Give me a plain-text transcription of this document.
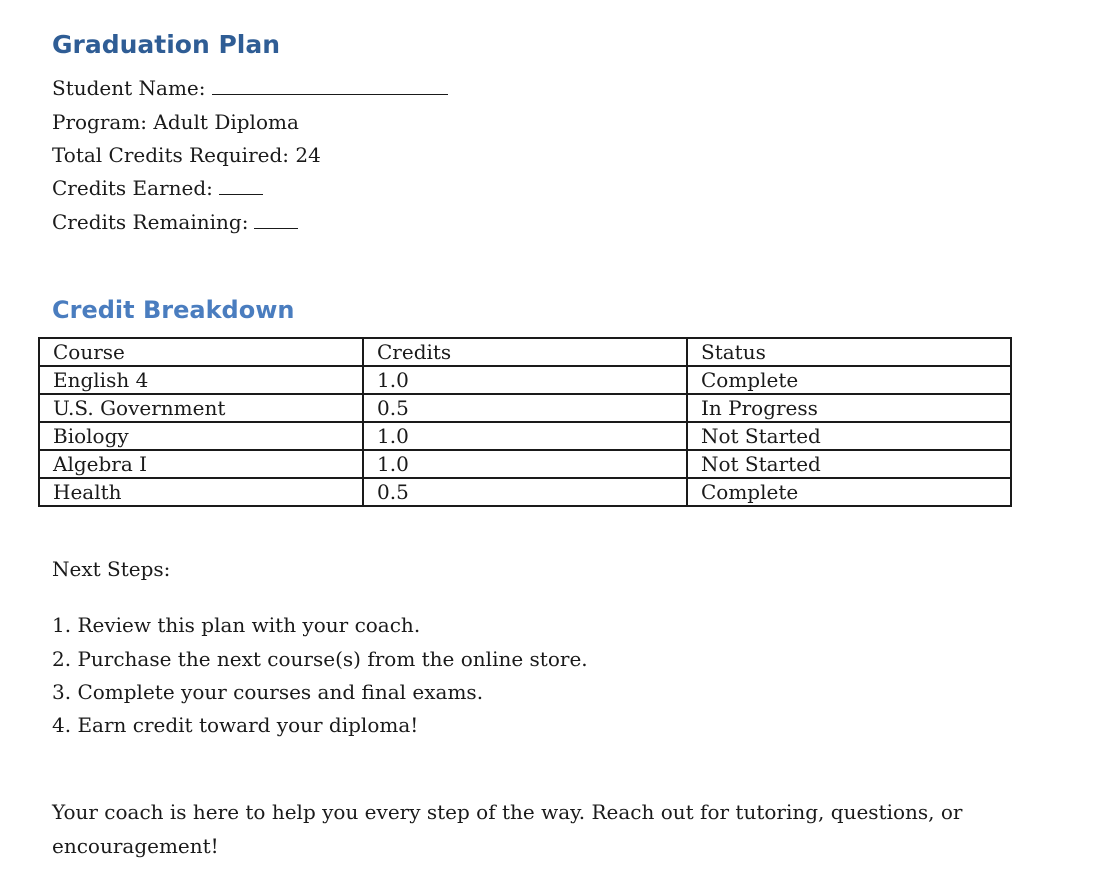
Graduation Plan
Student Name:
Program: Adult Diploma
Total Credits Required: 24
Credits Earned:
Credits Remaining:
Credit Breakdown
Course	Credits	Status
English 4	1.0	Complete
U.S. Government	0.5	In Progress
Biology	1.0	Not Started
Algebra I	1.0	Not Started
Health	0.5	Complete
Next Steps:
1. Review this plan with your coach.
2. Purchase the next course(s) from the online store.
3. Complete your courses and final exams.
4. Earn credit toward your diploma!
Your coach is here to help you every step of the way. Reach out for tutoring, questions, or encouragement!
